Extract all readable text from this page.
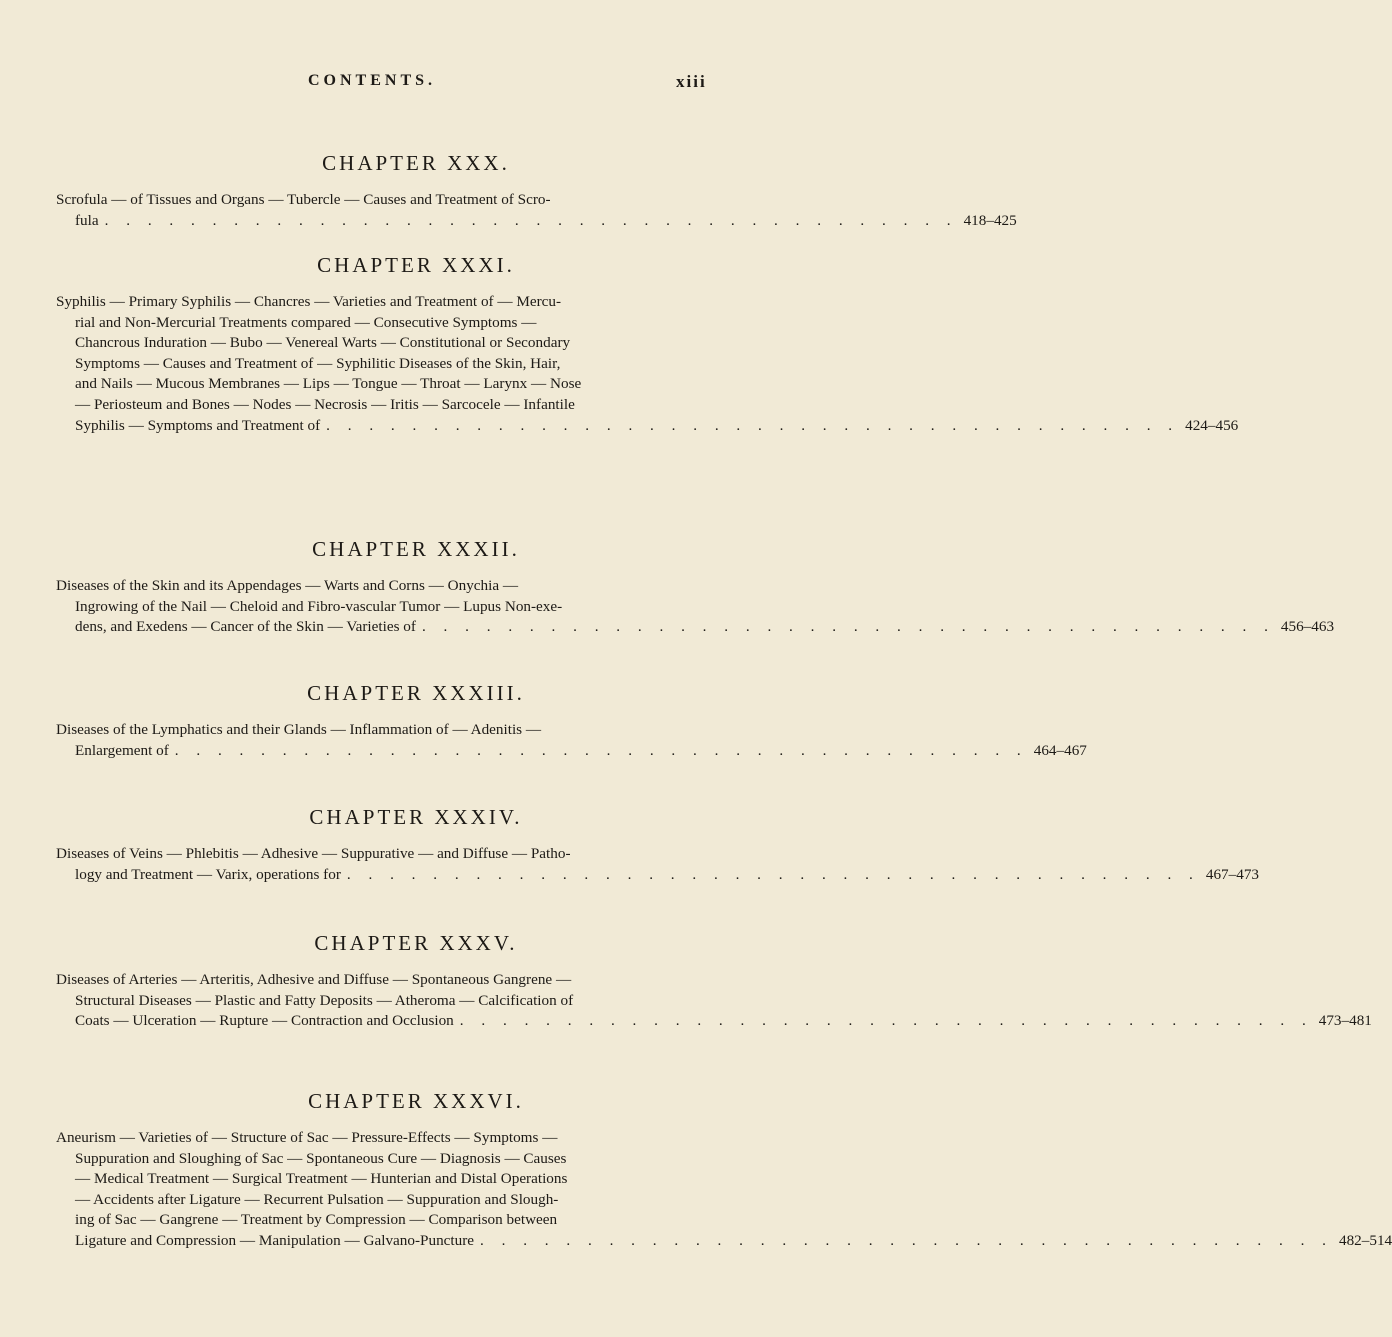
CONTENTS.	xiii
CHAPTER XXX.
Scrofula — of Tissues and Organs — Tubercle — Causes and Treatment of Scro-
fula . . . . . . . . . . . . . . . . . . . . . . . . . . . . . . . . . . . . . . . . 418–425
CHAPTER XXXI.
Syphilis — Primary Syphilis — Chancres — Varieties and Treatment of — Mercu-
rial and Non-Mercurial Treatments compared — Consecutive Symptoms —
Chancrous Induration — Bubo — Venereal Warts — Constitutional or Secondary
Symptoms — Causes and Treatment of — Syphilitic Diseases of the Skin, Hair,
and Nails — Mucous Membranes — Lips — Tongue — Throat — Larynx — Nose
— Periosteum and Bones — Nodes — Necrosis — Iritis — Sarcocele — Infantile
Syphilis — Symptoms and Treatment of . . . . . . . . . . . . . . . . . . . . . . . . . . . . . . . . . . . . . . . . 424–456
CHAPTER XXXII.
Diseases of the Skin and its Appendages — Warts and Corns — Onychia —
Ingrowing of the Nail — Cheloid and Fibro-vascular Tumor — Lupus Non-exe-
dens, and Exedens — Cancer of the Skin — Varieties of . . . . . . . . . . . . . . . . . . . . . . . . . . . . . . . . . . . . . . . . 456–463
CHAPTER XXXIII.
Diseases of the Lymphatics and their Glands — Inflammation of — Adenitis —
Enlargement of . . . . . . . . . . . . . . . . . . . . . . . . . . . . . . . . . . . . . . . . 464–467
CHAPTER XXXIV.
Diseases of Veins — Phlebitis — Adhesive — Suppurative — and Diffuse — Patho-
logy and Treatment — Varix, operations for . . . . . . . . . . . . . . . . . . . . . . . . . . . . . . . . . . . . . . . . 467–473
CHAPTER XXXV.
Diseases of Arteries — Arteritis, Adhesive and Diffuse — Spontaneous Gangrene —
Structural Diseases — Plastic and Fatty Deposits — Atheroma — Calcification of
Coats — Ulceration — Rupture — Contraction and Occlusion . . . . . . . . . . . . . . . . . . . . . . . . . . . . . . . . . . . . . . . . 473–481
CHAPTER XXXVI.
Aneurism — Varieties of — Structure of Sac — Pressure-Effects — Symptoms —
Suppuration and Sloughing of Sac — Spontaneous Cure — Diagnosis — Causes
— Medical Treatment — Surgical Treatment — Hunterian and Distal Operations
— Accidents after Ligature — Recurrent Pulsation — Suppuration and Slough-
ing of Sac — Gangrene — Treatment by Compression — Comparison between
Ligature and Compression — Manipulation — Galvano-Puncture . . . . . . . . . . . . . . . . . . . . . . . . . . . . . . . . . . . . . . . . 482–514
